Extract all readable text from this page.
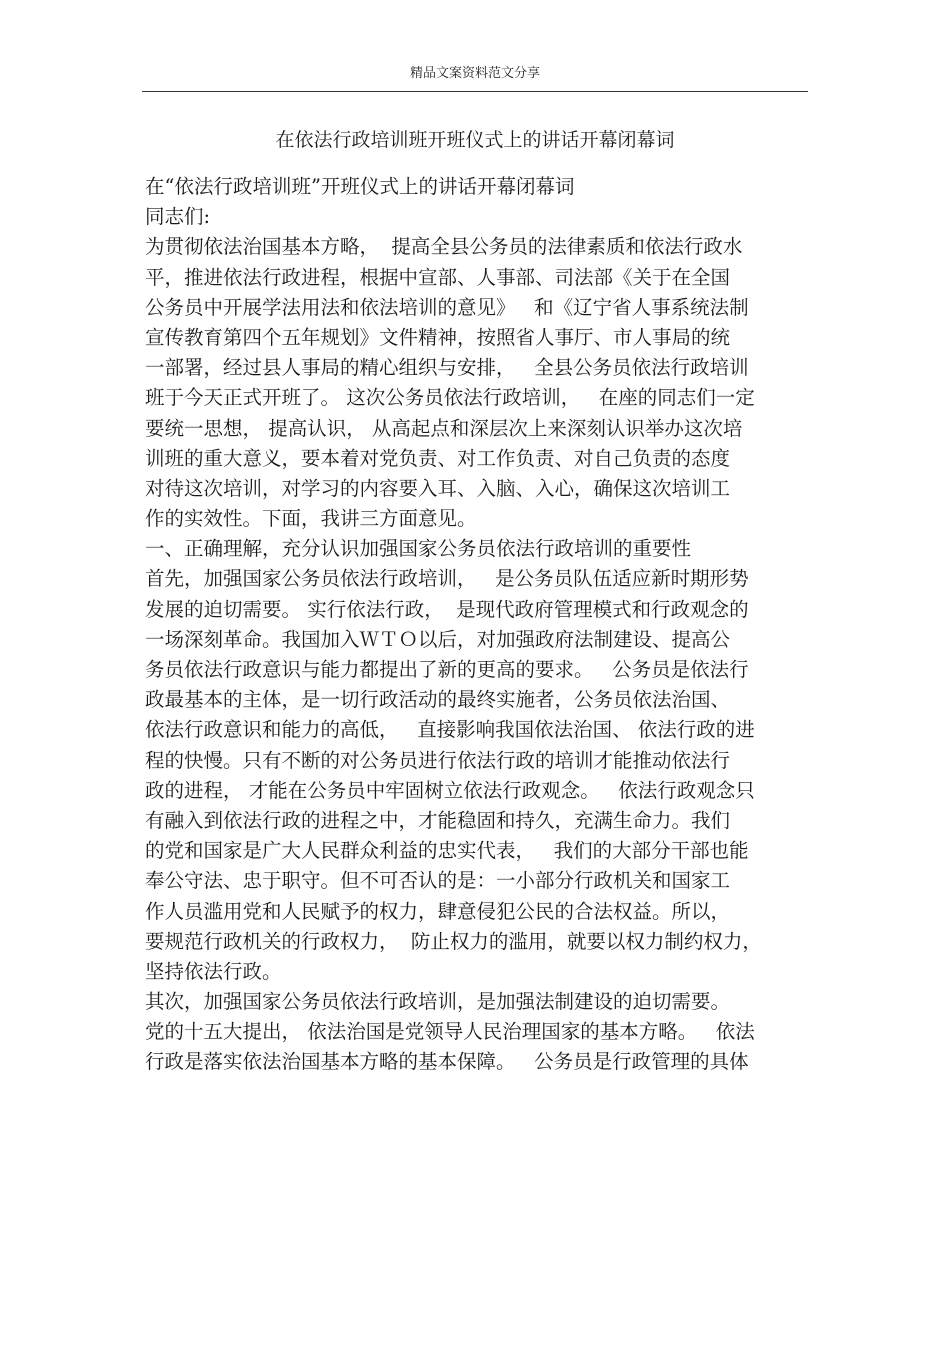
精品文案资料范文分享
在依法行政培训班开班仪式上的讲话开幕闭幕词
在“依法行政培训班”开班仪式上的讲话开幕闭幕词
同志们:
为贯彻依法治国基本方略，  提高全县公务员的法律素质和依法行政水
平，推进依法行政进程，根据中宣部、人事部、司法部《关于在全国
公务员中开展学法用法和依法培训的意见》   和《辽宁省人事系统法制
宣传教育第四个五年规划》文件精神，按照省人事厅、市人事局的统
一部署，经过县人事局的精心组织与安排，   全县公务员依法行政培训
班于今天正式开班了。 这次公务员依法行政培训，   在座的同志们一定
要统一思想， 提高认识， 从高起点和深层次上来深刻认识举办这次培
训班的重大意义，要本着对党负责、对工作负责、对自己负责的态度
对待这次培训，对学习的内容要入耳、入脑、入心，确保这次培训工
作的实效性。下面，我讲三方面意见。
一、正确理解，充分认识加强国家公务员依法行政培训的重要性
首先，加强国家公务员依法行政培训，   是公务员队伍适应新时期形势
发展的迫切需要。 实行依法行政，  是现代政府管理模式和行政观念的
一场深刻革命。我国加入ＷＴＯ以后，对加强政府法制建设、提高公
务员依法行政意识与能力都提出了新的更高的要求。   公务员是依法行
政最基本的主体，是一切行政活动的最终实施者，公务员依法治国、
依法行政意识和能力的高低，   直接影响我国依法治国、 依法行政的进
程的快慢。只有不断的对公务员进行依法行政的培训才能推动依法行
政的进程， 才能在公务员中牢固树立依法行政观念。   依法行政观念只
有融入到依法行政的进程之中，才能稳固和持久，充满生命力。我们
的党和国家是广大人民群众利益的忠实代表，   我们的大部分干部也能
奉公守法、忠于职守。但不可否认的是：一小部分行政机关和国家工
作人员滥用党和人民赋予的权力，肆意侵犯公民的合法权益。所以，
要规范行政机关的行政权力，  防止权力的滥用，就要以权力制约权力，
坚持依法行政。
其次，加强国家公务员依法行政培训，是加强法制建设的迫切需要。
党的十五大提出， 依法治国是党领导人民治理国家的基本方略。   依法
行政是落实依法治国基本方略的基本保障。   公务员是行政管理的具体
